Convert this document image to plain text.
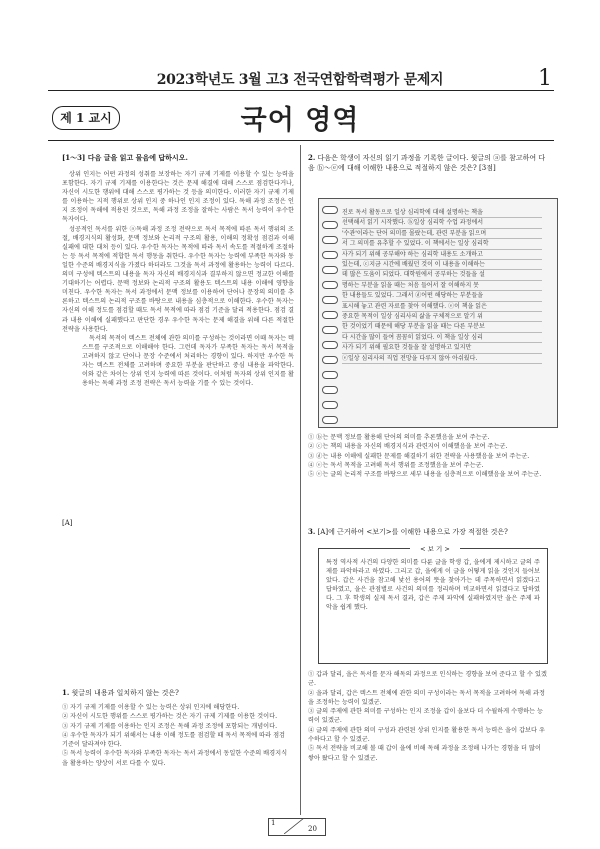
2023학년도 3월 고3 전국연합학력평가 문제지	1
제 1 교시	국어 영역
[1～3] 다음 글을 읽고 물음에 답하시오.

상위 인지는 어떤 과정의 성취를 보장하는 자기 규제 기제를 이용할 수 있는 능력을 포함한다. 자기 규제 기제를 이용한다는 것은 문제 해결에 대해 스스로 점검한다거나, 자신이 시도한 행위에 대해 스스로 평가하는 것 등을 의미한다. 이러한 자기 규제 기제를 이용하는 지적 행위로 상위 인지 중 하나인 인지 조정이 있다. 독해 과정 조정은 인지 조정이 독해에 적용된 것으로, 독해 과정 조정을 잘하는 사람은 독서 능력이 우수한 독자이다.

성공적인 독서를 위한 ⓐ독해 과정 조정 전략으로 독서 목적에 따른 독서 행위의 조절, 배경지식의 활성화, 문맥 정보와 논리적 구조의 활용, 이해의 정확성 점검과 이해 실패에 대한 대처 등이 있다. 우수한 독자는 목적에 따라 독서 속도를 적절하게 조절하는 등 독서 목적에 적합한 독서 행동을 취한다. 우수한 독자는 능력에 부족한 독자와 동일한 수준의 배경지식을 가졌다 하더라도 그것을 독서 과정에 활용하는 능력이 다르다. 의미 구성에 텍스트의 내용을 독자 자신의 배경지식과 결부하지 않으면 정교한 이해를 기대하기는 어렵다. 문맥 정보와 논리적 구조의 활용도 텍스트의 내용 이해에 영향을 미친다. 우수한 독자는 독서 과정에서 문맥 정보를 이용하여 단어나 문장의 의미를 추론하고 텍스트의 논리적 구조를 바탕으로 내용을 심층적으로 이해한다. 우수한 독자는 자신의 이해 정도를 점검할 때도 독서 목적에 따라 점검 기준을 달리 적용한다. 점검 결과 내용 이해에 실패했다고 판단한 경우 우수한 독자는 문제 해결을 위해 다른 적절한 전략을 사용한다.

독서의 목적이 텍스트 전체에 관한 의미를 구성하는 것이라면 이때 독자는 텍스트를 구조적으로 이해해야 한다. 그런데 독자가 부족한 독자는 독서 목적을 고려하지 않고 단어나 문장 수준에서 처리하는 경향이 있다. 하지만 우수한 독자는 텍스트 전체를 고려하며 중요한 부분을 판단하고 중심 내용을 파악한다. 이와 같은 차이는 상위 인지 능력에 따른 것이다. 이처럼 독자의 상위 인지를 활용하는 독해 과정 조정 전략은 독서 능력을 기를 수 있는 것이다.

[A]
1. 윗글의 내용과 일치하지 않는 것은?
① 자기 규제 기제를 이용할 수 있는 능력은 상위 인지에 해당한다.
② 자신이 시도한 행위를 스스로 평가하는 것은 자기 규제 기제를 이용한 것이다.
③ 자기 규제 기제를 이용하는 인지 조정은 독해 과정 조정에 포함되는 개념이다.
④ 우수한 독자가 되기 위해서는 내용 이해 정도를 점검할 때 독서 목적에 따라 점검 기준이 달라져야 한다.
⑤ 독서 능력이 우수한 독자와 부족한 독자는 독서 과정에서 동일한 수준의 배경지식을 활용하는 양상이 서로 다를 수 있다.
2. 다음은 학생이 자신의 읽기 과정을 기록한 글이다. 윗글의 ⓐ를 참고하여 다음 ⓑ～ⓔ에 대해 이해한 내용으로 적절하지 않은 것은? [3점]
진로 독서 활동으로 일상 심리학에 대해 설명하는 책을
선택해서 읽기 시작했다. ⓑ일상 심리학 수업 과정에서
'수관'이라는 단어 의미를 몰랐는데, 관련 부분을 읽으며
서 그 의미를 유추할 수 있었다. 이 책에서는 일상 심리학
사가 되기 위해 공부해야 하는 심리학 내용도 소개하고
있는데, ⓒ지금 시간에 배웠던 것이 이 내용을 이해하는
데 많은 도움이 되었다. 대학원에서 공부하는 것들을 설
명하는 부분을 읽을 때는 처음 들어서 잘 이해하지 못
한 내용들도 있었다. 그래서 ⓓ어떤 해당하는 부분들을
표시해 놓고 관련 자료를 찾아 이해했다. ⓔ이 책을 읽은
중요한 목적이 일상 심리사의 삶을 구체적으로 알기 위
한 것이었기 때문에 해당 부분을 읽을 때는 다른 부분보
다 시간을 많이 들여 꼼꼼히 읽었다. 이 책을 일상 심리
사가 되기 위해 필요한 것들을 잘 설명하고 있지만
ⓔ일상 심리사의 직업 전망을 다루지 않아 아쉬웠다.
① ⓑ는 문맥 정보를 활용해 단어의 의미를 추론했음을 보여 주는군.
② ⓒ는 책의 내용을 자신의 배경지식과 관련지어 이해했음을 보여 주는군.
③ ⓓ는 내용 이해에 실패한 문제를 해결하기 위한 전략을 사용했음을 보여 주는군.
④ ⓔ는 독서 목적을 고려해 독서 행위를 조정했음을 보여 주는군.
⑤ ⓔ는 글의 논리적 구조를 바탕으로 세부 내용을 심층적으로 이해했음을 보여 주는군.
3. [A]에 근거하여 <보기>를 이해한 내용으로 가장 적절한 것은?
< 보 기 >
특정 역사적 사건의 다양한 의미를 다룬 글을 학생 갑, 을에게 제시하고 글의 주제를 파악하라고 하였다. 그리고 갑, 을에게 이 글을 어떻게 읽을 것인지 들어보았다. 갑은 사건을 참고해 낯선 용어의 뜻을 찾아가는 데 주목하면서 읽겠다고 답하였고, 을은 관점별로 사건의 의미를 정리하며 비교하면서 읽겠다고 답하였다. 그 후 학생의 실제 독서 결과, 갑은 주제 파악에 실패하였지만 을은 주제 파악을 쉽게 했다.
① 갑과 달리, 을은 독서를 문자 해독의 과정으로 인식하는 경향을 보여 준다고 할 수 있겠군.
② 을과 달리, 갑은 텍스트 전체에 관한 의미 구성이라는 독서 목적을 고려하여 독해 과정을 조정하는 능력이 있겠군.
③ 글의 주제에 관한 의미를 구성하는 인지 조정을 갑이 을보다 더 수월하게 수행하는 능력이 있겠군.
④ 글의 주제에 관한 의미 구성과 관련된 상위 인지를 활용한 독서 능력은 을이 갑보다 우수하다고 할 수 있겠군.
⑤ 독서 전략을 비교해 볼 때 갑이 을에 비해 독해 과정을 조정해 나가는 경험을 더 많이 쌓아 왔다고 할 수 있겠군.
1
20
